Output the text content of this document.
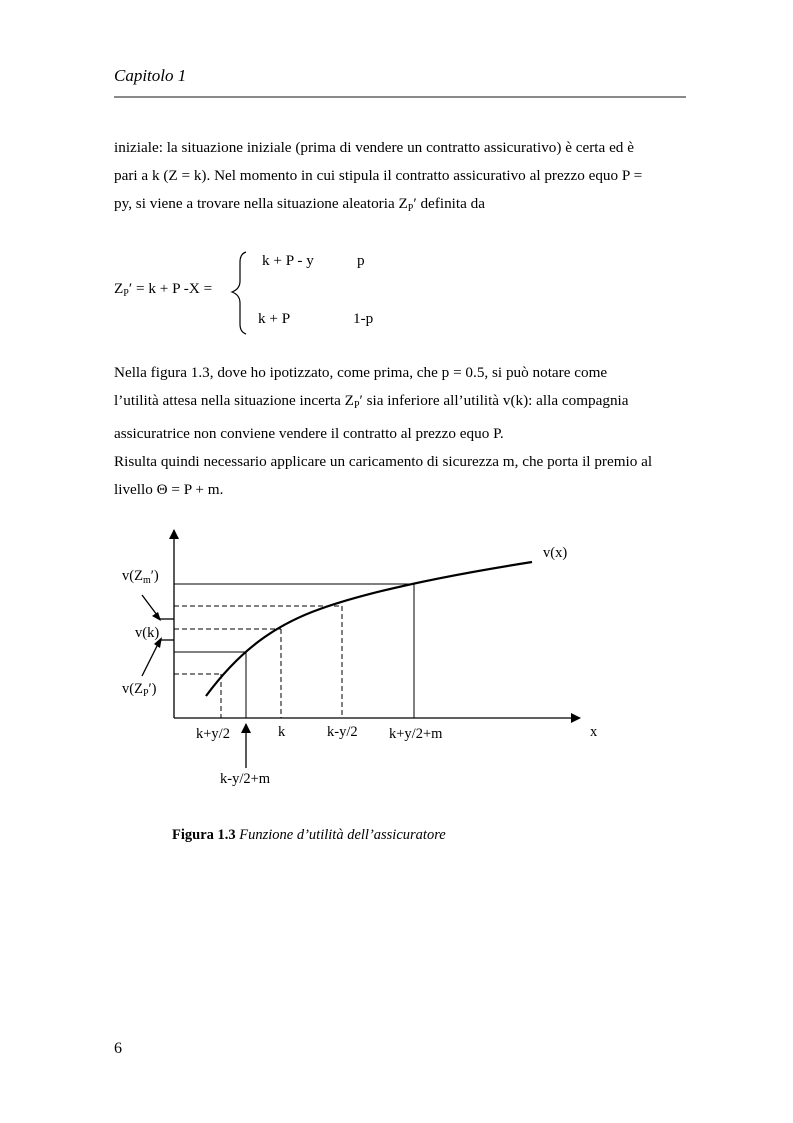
Capitolo 1

iniziale: la situazione iniziale (prima di vendere un contratto assicurativo) è certa ed è

pari a k (Z = k). Nel momento in cui stipula il contratto assicurativo al prezzo equo P =

py, si viene a trovare nella situazione aleatoria $Z_P'$ definita da

$Z_P' = k + P$ -X =
k + P - y	p
k + P	1-p

Nella figura 1.3, dove ho ipotizzato, come prima, che p = 0.5, si può notare come

l’utilità attesa nella situazione incerta $Z_P'$ sia inferiore all’utilità v(k): alla compagnia

assicuratrice non conviene vendere il contratto al prezzo equo P.

Risulta quindi necessario applicare un caricamento di sicurezza m, che porta il premio al

livello Θ = P + m.

v(x)
x
$v(Z_m')$
v(k)
$v(Z_P')$
k+y/2	k	k-y/2 k+y/2+m
k-y/2+m
Figura 1.3 Funzione d’utilità dell’assicuratore
6
